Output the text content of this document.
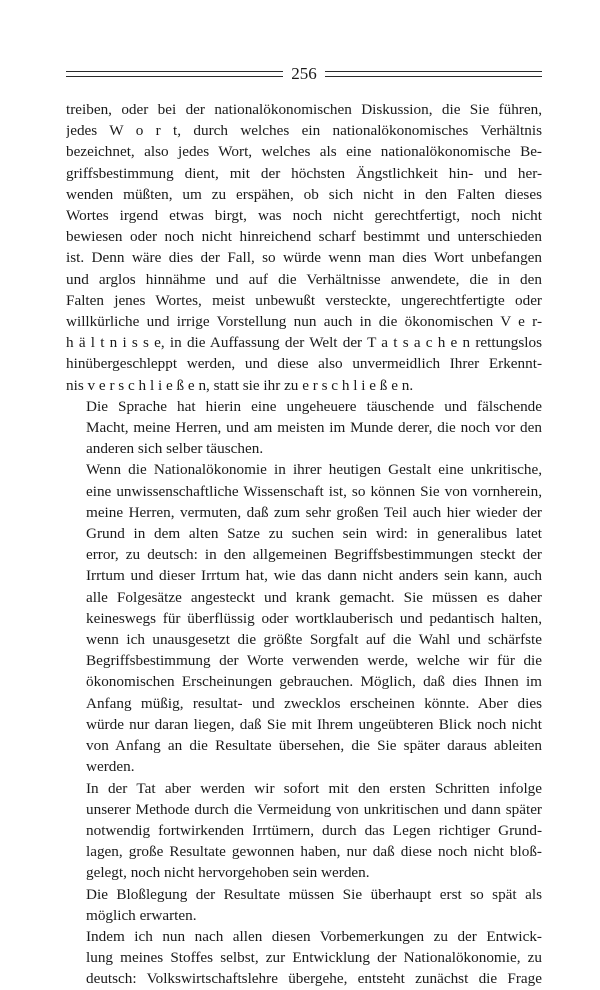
256

treiben, oder bei der nationalökonomischen Diskussion, die Sie führen,
jedes W o r t, durch welches ein nationalökonomisches Verhältnis
bezeichnet, also jedes Wort, welches als eine nationalökonomische Be-
griffsbestimmung dient, mit der höchsten Ängstlichkeit hin- und her-
wenden müßten, um zu erspähen, ob sich nicht in den Falten dieses
Wortes irgend etwas birgt, was noch nicht gerechtfertigt, noch nicht
bewiesen oder noch nicht hinreichend scharf bestimmt und unterschieden
ist. Denn wäre dies der Fall, so würde wenn man dies Wort unbefangen
und arglos hinnähme und auf die Verhältnisse anwendete, die in den
Falten jenes Wortes, meist unbewußt versteckte, ungerechtfertigte oder
willkürliche und irrige Vorstellung nun auch in die ökonomischen V e r-
h ä l t n i s s e, in die Auffassung der Welt der T a t s a c h e n rettungslos
hinübergeschleppt werden, und diese also unvermeidlich Ihrer Erkennt-
nis v e r s c h l i e ß e n, statt sie ihr zu e r s c h l i e ß e n.

Die Sprache hat hierin eine ungeheuere täuschende und fälschende
Macht, meine Herren, und am meisten im Munde derer, die noch vor den
anderen sich selber täuschen.

Wenn die Nationalökonomie in ihrer heutigen Gestalt eine unkritische,
eine unwissenschaftliche Wissenschaft ist, so können Sie von vornherein,
meine Herren, vermuten, daß zum sehr großen Teil auch hier wieder der
Grund in dem alten Satze zu suchen sein wird: in generalibus latet
error, zu deutsch: in den allgemeinen Begriffsbestimmungen steckt der
Irrtum und dieser Irrtum hat, wie das dann nicht anders sein kann, auch
alle Folgesätze angesteckt und krank gemacht. Sie müssen es daher
keineswegs für überflüssig oder wortklauberisch und pedantisch halten,
wenn ich unausgesetzt die größte Sorgfalt auf die Wahl und schärfste
Begriffsbestimmung der Worte verwenden werde, welche wir für die
ökonomischen Erscheinungen gebrauchen. Möglich, daß dies Ihnen im
Anfang müßig, resultat- und zwecklos erscheinen könnte. Aber dies
würde nur daran liegen, daß Sie mit Ihrem ungeübteren Blick noch nicht
von Anfang an die Resultate übersehen, die Sie später daraus ableiten
werden.

In der Tat aber werden wir sofort mit den ersten Schritten infolge
unserer Methode durch die Vermeidung von unkritischen und dann später
notwendig fortwirkenden Irrtümern, durch das Legen richtiger Grund-
lagen, große Resultate gewonnen haben, nur daß diese noch nicht bloß-
gelegt, noch nicht hervorgehoben sein werden.

Die Bloßlegung der Resultate müssen Sie überhaupt erst so spät als
möglich erwarten.

Indem ich nun nach allen diesen Vorbemerkungen zu der Entwick-
lung meines Stoffes selbst, zur Entwicklung der Nationalökonomie, zu
deutsch: Volkswirtschaftslehre übergehe, entsteht zunächst die Frage
